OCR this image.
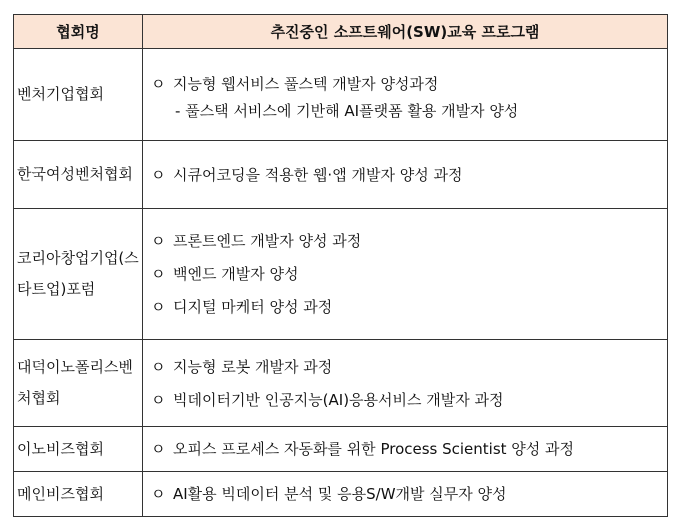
협회명	추진중인 소프트웨어(SW)교육 프로그램
벤처기업협회	ㅇ 지능형 웹서비스 풀스텍 개발자 양성과정
- 풀스택 서비스에 기반해 AI플랫폼 활용 개발자 양성

한국여성벤처협회	ㅇ 시큐어코딩을 적용한 웹·앱 개발자 양성 과정

코리아창업기업(스타트업)포럼	ㅇ 프론트엔드 개발자 양성 과정
ㅇ 백엔드 개발자 양성
ㅇ 디지털 마케터 양성 과정

대덕이노폴리스벤처협회	ㅇ 지능형 로봇 개발자 과정
ㅇ 빅데이터기반 인공지능(AI)응용서비스 개발자 과정

이노비즈협회	ㅇ 오피스 프로세스 자동화를 위한 Process Scientist 양성 과정

메인비즈협회	ㅇ AI활용 빅데이터 분석 및 응용S/W개발 실무자 양성
